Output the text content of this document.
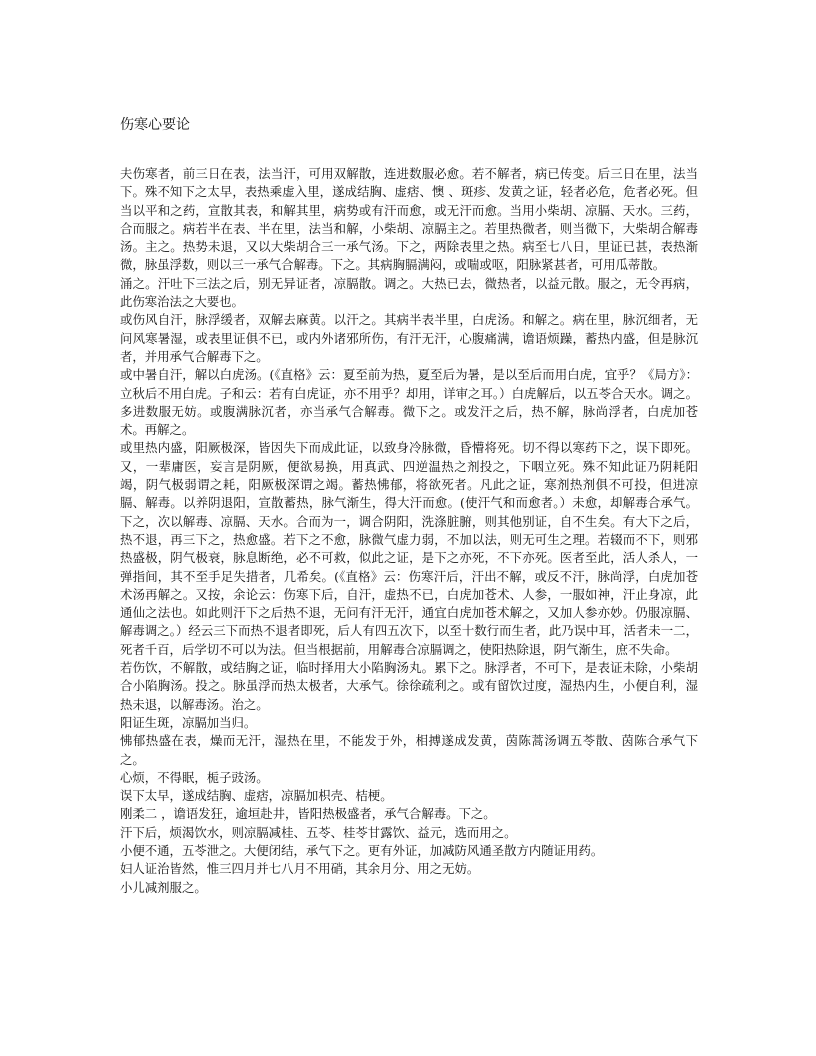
伤寒心要论

夫伤寒者，前三日在表，法当汗，可用双解散，连进数服必愈。若不解者，病已传变。后三日在里，法当下。殊不知下之太早，表热乘虚入里，遂成结胸、虚痞、懊 、斑疹、发黄之证，轻者必危，危者必死。但当以平和之药，宣散其表，和解其里，病势或有汗而愈，或无汗而愈。当用小柴胡、凉膈、天水。三药，合而服之。病若半在表、半在里，法当和解，小柴胡、凉膈主之。若里热微者，则当微下，大柴胡合解毒汤。主之。热势未退，又以大柴胡合三一承气汤。下之，两除表里之热。病至七八日，里证已甚，表热渐微，脉虽浮数，则以三一承气合解毒。下之。其病胸膈满闷，或喘或呕，阳脉紧甚者，可用瓜蒂散。

涌之。汗吐下三法之后，别无异证者，凉膈散。调之。大热已去，微热者，以益元散。服之，无令再病，此伤寒治法之大要也。

或伤风自汗，脉浮缓者，双解去麻黄。以汗之。其病半表半里，白虎汤。和解之。病在里，脉沉细者，无问风寒暑湿，或表里证俱不已，或内外诸邪所伤，有汗无汗，心腹痛满，谵语烦躁，蓄热内盛，但是脉沉者，并用承气合解毒下之。

或中暑自汗，解以白虎汤。(《直格》云：夏至前为热，夏至后为暑，是以至后而用白虎，宜乎？《局方》：立秋后不用白虎。子和云：若有白虎证，亦不用乎？却用，详审之耳。）白虎解后，以五苓合天水。调之。多进数服无妨。或腹满脉沉者，亦当承气合解毒。微下之。或发汗之后，热不解，脉尚浮者，白虎加苍术。再解之。

或里热内盛，阳厥极深，皆因失下而成此证，以致身冷脉微，昏懵将死。切不得以寒药下之，误下即死。又，一辈庸医，妄言是阴厥，便欲易换，用真武、四逆温热之剂投之，下咽立死。殊不知此证乃阴耗阳竭，阴气极弱谓之耗，阳厥极深谓之竭。蓄热怫郁，将欲死者。凡此之证，寒剂热剂俱不可投，但进凉膈、解毒。以养阴退阳，宣散蓄热，脉气渐生，得大汗而愈。(使汗气和而愈者。）未愈，却解毒合承气。下之，次以解毒、凉膈、天水。合而为一，调合阴阳，洗涤脏腑，则其他别证，自不生矣。有大下之后，热不退，再三下之，热愈盛。若下之不愈，脉微气虚力弱，不加以法，则无可生之理。若辍而不下，则邪热盛极，阴气极衰，脉息断绝，必不可救，似此之证，是下之亦死，不下亦死。医者至此，活人杀人，一弹指间，其不至手足失措者，几希矣。(《直格》云：伤寒汗后，汗出不解，或反不汗，脉尚浮，白虎加苍术汤再解之。又按，余论云：伤寒下后，自汗，虚热不已，白虎加苍术、人参，一服如神，汗止身凉，此通仙之法也。如此则汗下之后热不退，无问有汗无汗，通宜白虎加苍术解之，又加人参亦妙。仍服凉膈、解毒调之。）经云三下而热不退者即死，后人有四五次下，以至十数行而生者，此乃误中耳，活者未一二，死者千百，后学切不可以为法。但当根据前，用解毒合凉膈调之，使阳热除退，阴气渐生，庶不失命。

若伤饮，不解散，或结胸之证，临时择用大小陷胸汤丸。累下之。脉浮者，不可下，是表证未除，小柴胡合小陷胸汤。投之。脉虽浮而热太极者，大承气。徐徐疏利之。或有留饮过度，湿热内生，小便自利，湿热未退，以解毒汤。治之。

阳证生斑，凉膈加当归。

怫郁热盛在表，燥而无汗，湿热在里，不能发于外，相搏遂成发黄，茵陈蒿汤调五苓散、茵陈合承气下之。

心烦，不得眠，栀子豉汤。

误下太早，遂成结胸、虚痞，凉膈加枳壳、桔梗。

刚柔二 ，谵语发狂，逾垣赴井，皆阳热极盛者，承气合解毒。下之。

汗下后，烦渴饮水，则凉膈减桂、五苓、桂苓甘露饮、益元，选而用之。

小便不通，五苓泄之。大便闭结，承气下之。更有外证，加减防风通圣散方内随证用药。

妇人证治皆然，惟三四月并七八月不用硝，其余月分、用之无妨。

小儿减剂服之。
